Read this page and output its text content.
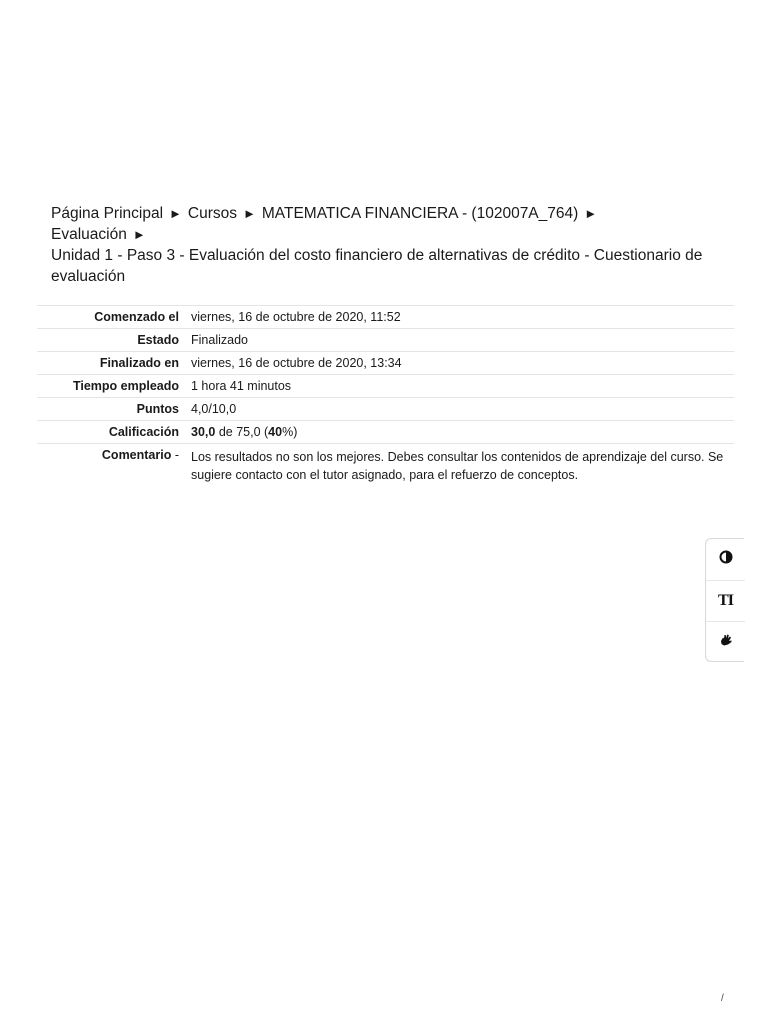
Página Principal ► Cursos ► MATEMATICA FINANCIERA - (102007A_764) ►
Evaluación ►
Unidad 1 - Paso 3 - Evaluación del costo financiero de alternativas de crédito - Cuestionario de evaluación
Comenzado el	viernes, 16 de octubre de 2020, 11:52
Estado	Finalizado
Finalizado en	viernes, 16 de octubre de 2020, 13:34
Tiempo empleado	1 hora 41 minutos
Puntos	4,0/10,0
Calificación	30,0 de 75,0 (40%)
Comentario -	Los resultados no son los mejores. Debes consultar los contenidos de aprendizaje del curso. Se sugiere contacto con el tutor asignado, para el refuerzo de conceptos.
TI
/
